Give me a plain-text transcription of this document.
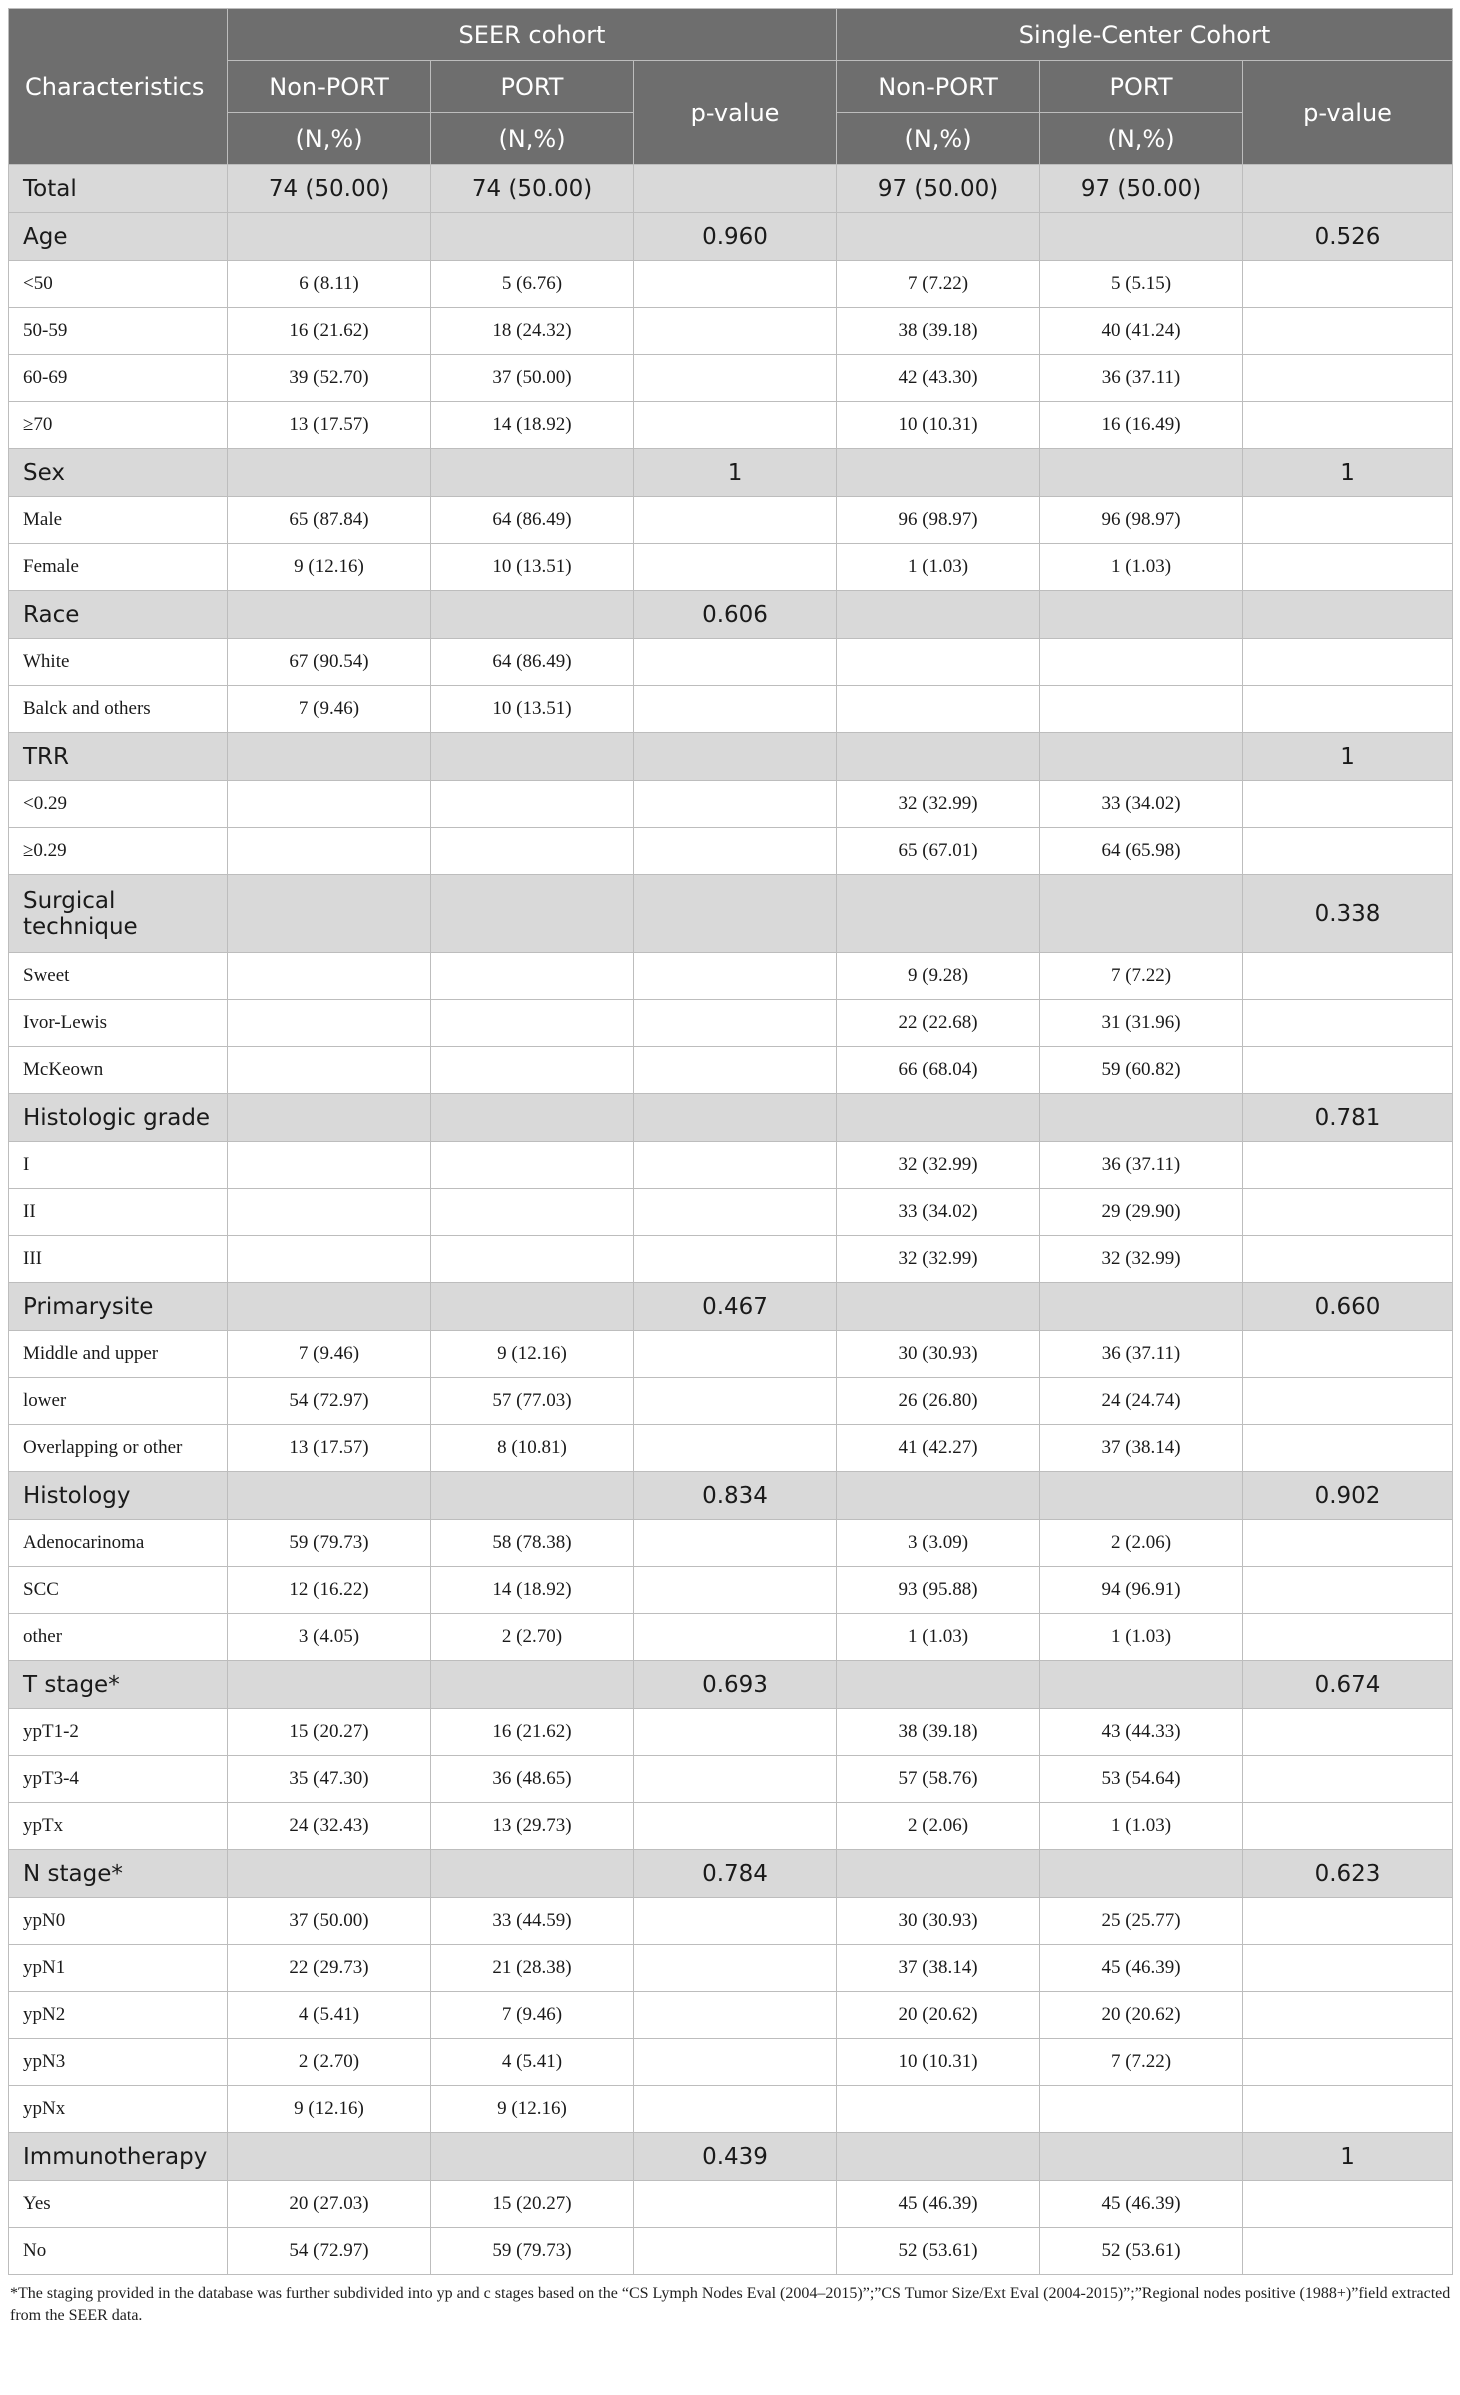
Characteristics	SEER cohort			Single-Center Cohort		
	Non-PORT	PORT	p-value	Non-PORT	PORT	p-value
	(N,%)	(N,%)		(N,%)	(N,%)	
Total	74 (50.00)	74 (50.00)		97 (50.00)	97 (50.00)	
Age			0.960			0.526
<50	6 (8.11)	5 (6.76)		7 (7.22)	5 (5.15)	
50-59	16 (21.62)	18 (24.32)		38 (39.18)	40 (41.24)	
60-69	39 (52.70)	37 (50.00)		42 (43.30)	36 (37.11)	
≥70	13 (17.57)	14 (18.92)		10 (10.31)	16 (16.49)	
Sex			1			1
Male	65 (87.84)	64 (86.49)		96 (98.97)	96 (98.97)	
Female	9 (12.16)	10 (13.51)		1 (1.03)	1 (1.03)	
Race			0.606			
White	67 (90.54)	64 (86.49)				
Balck and others	7 (9.46)	10 (13.51)				
TRR						1
<0.29				32 (32.99)	33 (34.02)	
≥0.29				65 (67.01)	64 (65.98)	
Surgical technique						0.338
Sweet				9 (9.28)	7 (7.22)	
Ivor-Lewis				22 (22.68)	31 (31.96)	
McKeown				66 (68.04)	59 (60.82)	
Histologic grade						0.781
I				32 (32.99)	36 (37.11)	
II				33 (34.02)	29 (29.90)	
III				32 (32.99)	32 (32.99)	
Primarysite			0.467			0.660
Middle and upper	7 (9.46)	9 (12.16)		30 (30.93)	36 (37.11)	
lower	54 (72.97)	57 (77.03)		26 (26.80)	24 (24.74)	
Overlapping or other	13 (17.57)	8 (10.81)		41 (42.27)	37 (38.14)	
Histology			0.834			0.902
Adenocarinoma	59 (79.73)	58 (78.38)		3 (3.09)	2 (2.06)	
SCC	12 (16.22)	14 (18.92)		93 (95.88)	94 (96.91)	
other	3 (4.05)	2 (2.70)		1 (1.03)	1 (1.03)	
T stage*			0.693			0.674
ypT1-2	15 (20.27)	16 (21.62)		38 (39.18)	43 (44.33)	
ypT3-4	35 (47.30)	36 (48.65)		57 (58.76)	53 (54.64)	
ypTx	24 (32.43)	13 (29.73)		2 (2.06)	1 (1.03)	
N stage*			0.784			0.623
ypN0	37 (50.00)	33 (44.59)		30 (30.93)	25 (25.77)	
ypN1	22 (29.73)	21 (28.38)		37 (38.14)	45 (46.39)	
ypN2	4 (5.41)	7 (9.46)		20 (20.62)	20 (20.62)	
ypN3	2 (2.70)	4 (5.41)		10 (10.31)	7 (7.22)	
ypNx	9 (12.16)	9 (12.16)				
Immunotherapy			0.439			1
Yes	20 (27.03)	15 (20.27)		45 (46.39)	45 (46.39)	
No	54 (72.97)	59 (79.73)		52 (53.61)	52 (53.61)	
*The staging provided in the database was further subdivided into yp and c stages based on the “CS Lymph Nodes Eval (2004–2015)”;”CS Tumor Size/Ext Eval (2004-2015)”;”Regional nodes positive (1988+)”field extracted from the SEER data.
